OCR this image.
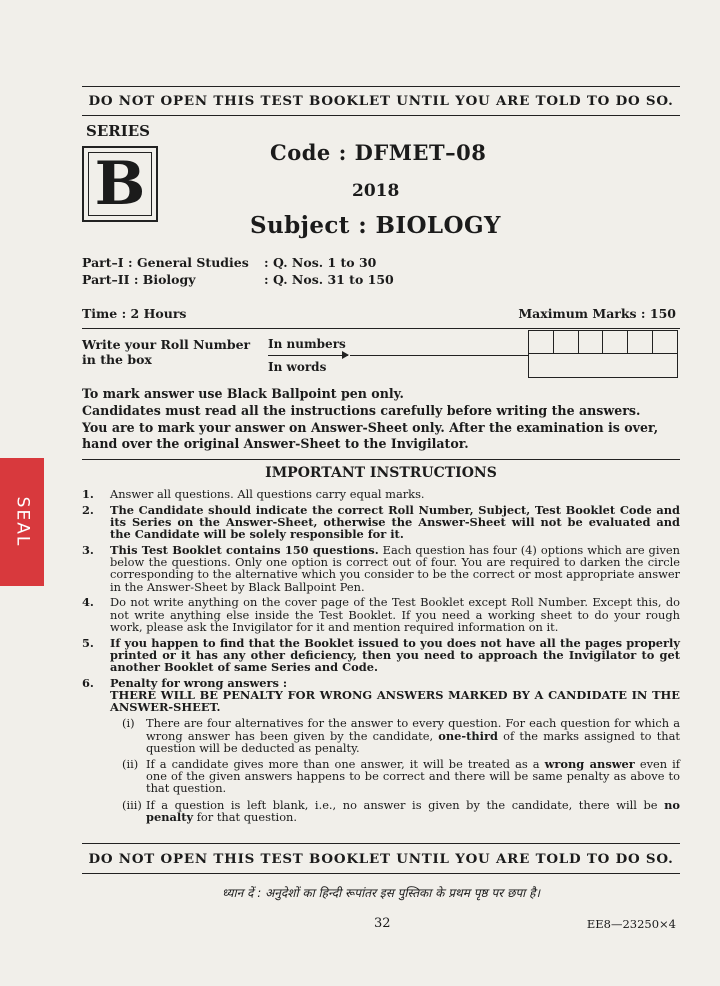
SEAL
DO NOT OPEN THIS TEST BOOKLET UNTIL YOU ARE TOLD TO DO SO.
SERIES
B	Code : DFMET–08
2018
Subject : BIOLOGY
Part–I : General Studies : Q. Nos. 1 to 30
Part–II : Biology	: Q. Nos. 31 to 150
Time : 2 Hours	Maximum Marks : 150
Write your Roll Number in the box
In numbers
In words
To mark answer use Black Ballpoint pen only.
Candidates must read all the instructions carefully before writing the answers.
You are to mark your answer on Answer-Sheet only. After the examination is over, hand over the original Answer-Sheet to the Invigilator.
IMPORTANT INSTRUCTIONS
1. Answer all questions. All questions carry equal marks.
2. The Candidate should indicate the correct Roll Number, Subject, Test Booklet Code and its Series on the Answer-Sheet, otherwise the Answer-Sheet will not be evaluated and the Candidate will be solely responsible for it.
3. This Test Booklet contains 150 questions. Each question has four (4) options which are given below the questions. Only one option is correct out of four. You are required to darken the circle corresponding to the alternative which you consider to be the correct or most appropriate answer in the Answer-Sheet by Black Ballpoint Pen.
4. Do not write anything on the cover page of the Test Booklet except Roll Number. Except this, do not write anything else inside the Test Booklet. If you need a working sheet to do your rough work, please ask the Invigilator for it and mention required information on it.
5. If you happen to find that the Booklet issued to you does not have all the pages properly printed or it has any other deficiency, then you need to approach the Invigilator to get another Booklet of same Series and Code.
6. Penalty for wrong answers :
THERE WILL BE PENALTY FOR WRONG ANSWERS MARKED BY A CANDIDATE IN THE ANSWER-SHEET.
(i) There are four alternatives for the answer to every question. For each question for which a wrong answer has been given by the candidate, one-third of the marks assigned to that question will be deducted as penalty.
(ii) If a candidate gives more than one answer, it will be treated as a wrong answer even if one of the given answers happens to be correct and there will be same penalty as above to that question.
(iii) If a question is left blank, i.e., no answer is given by the candidate, there will be no penalty for that question.
DO NOT OPEN THIS TEST BOOKLET UNTIL YOU ARE TOLD TO DO SO.
ध्यान दें : अनुदेशों का हिन्दी रूपांतर इस पुस्तिका के प्रथम पृष्ठ पर छपा है।
32	EE8—23250×4
